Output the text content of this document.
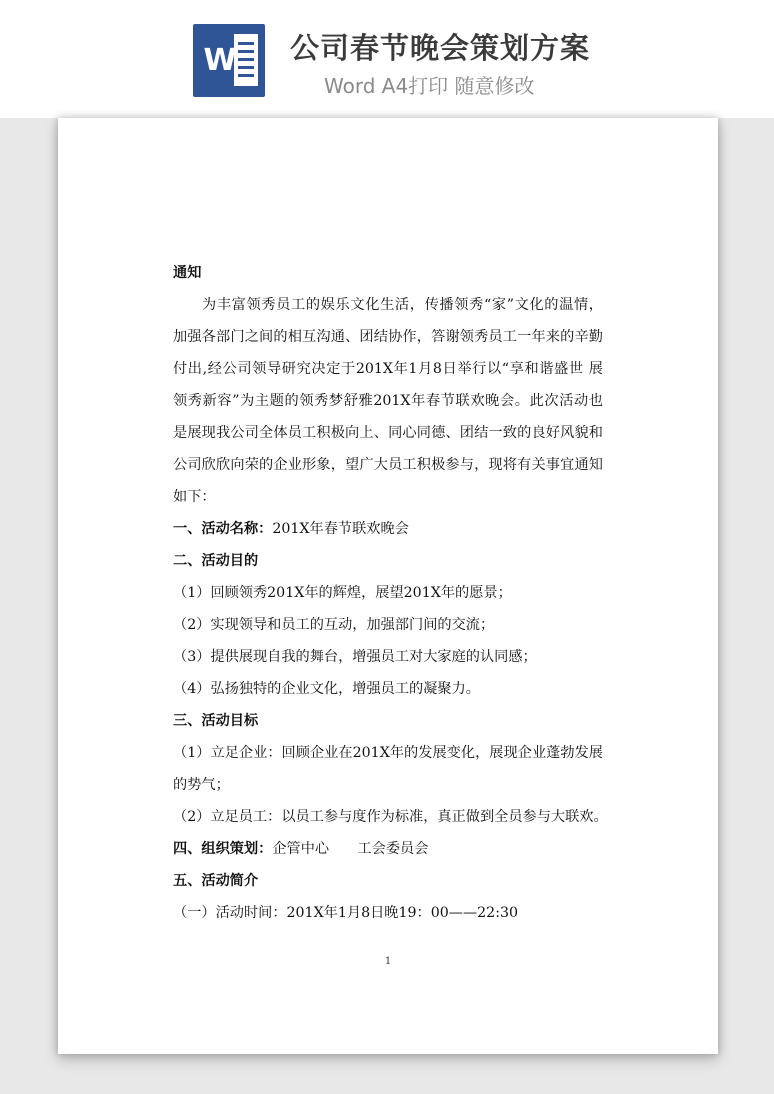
W 公司春节晚会策划方案
Word A4打印 随意修改
通知
为丰富领秀员工的娱乐文化生活，传播领秀“家”文化的温情，
加强各部门之间的相互沟通、团结协作，答谢领秀员工一年来的辛勤
付出,经公司领导研究决定于201X年1月8日举行以“享和谐盛世 展
领秀新容”为主题的领秀梦舒雅201X年春节联欢晚会。此次活动也
是展现我公司全体员工积极向上、同心同德、团结一致的良好风貌和
公司欣欣向荣的企业形象，望广大员工积极参与，现将有关事宜通知
如下：
一、活动名称：201X年春节联欢晚会
二、活动目的
（1）回顾领秀201X年的辉煌，展望201X年的愿景；
（2）实现领导和员工的互动，加强部门间的交流；
（3）提供展现自我的舞台，增强员工对大家庭的认同感；
（4）弘扬独特的企业文化，增强员工的凝聚力。
三、活动目标
（1）立足企业：回顾企业在201X年的发展变化，展现企业蓬勃发展
的势气；
（2）立足员工：以员工参与度作为标准，真正做到全员参与大联欢。
四、组织策划：企管中心　　工会委员会
五、活动简介
（一）活动时间：201X年1月8日晚19：00——22:30
1
